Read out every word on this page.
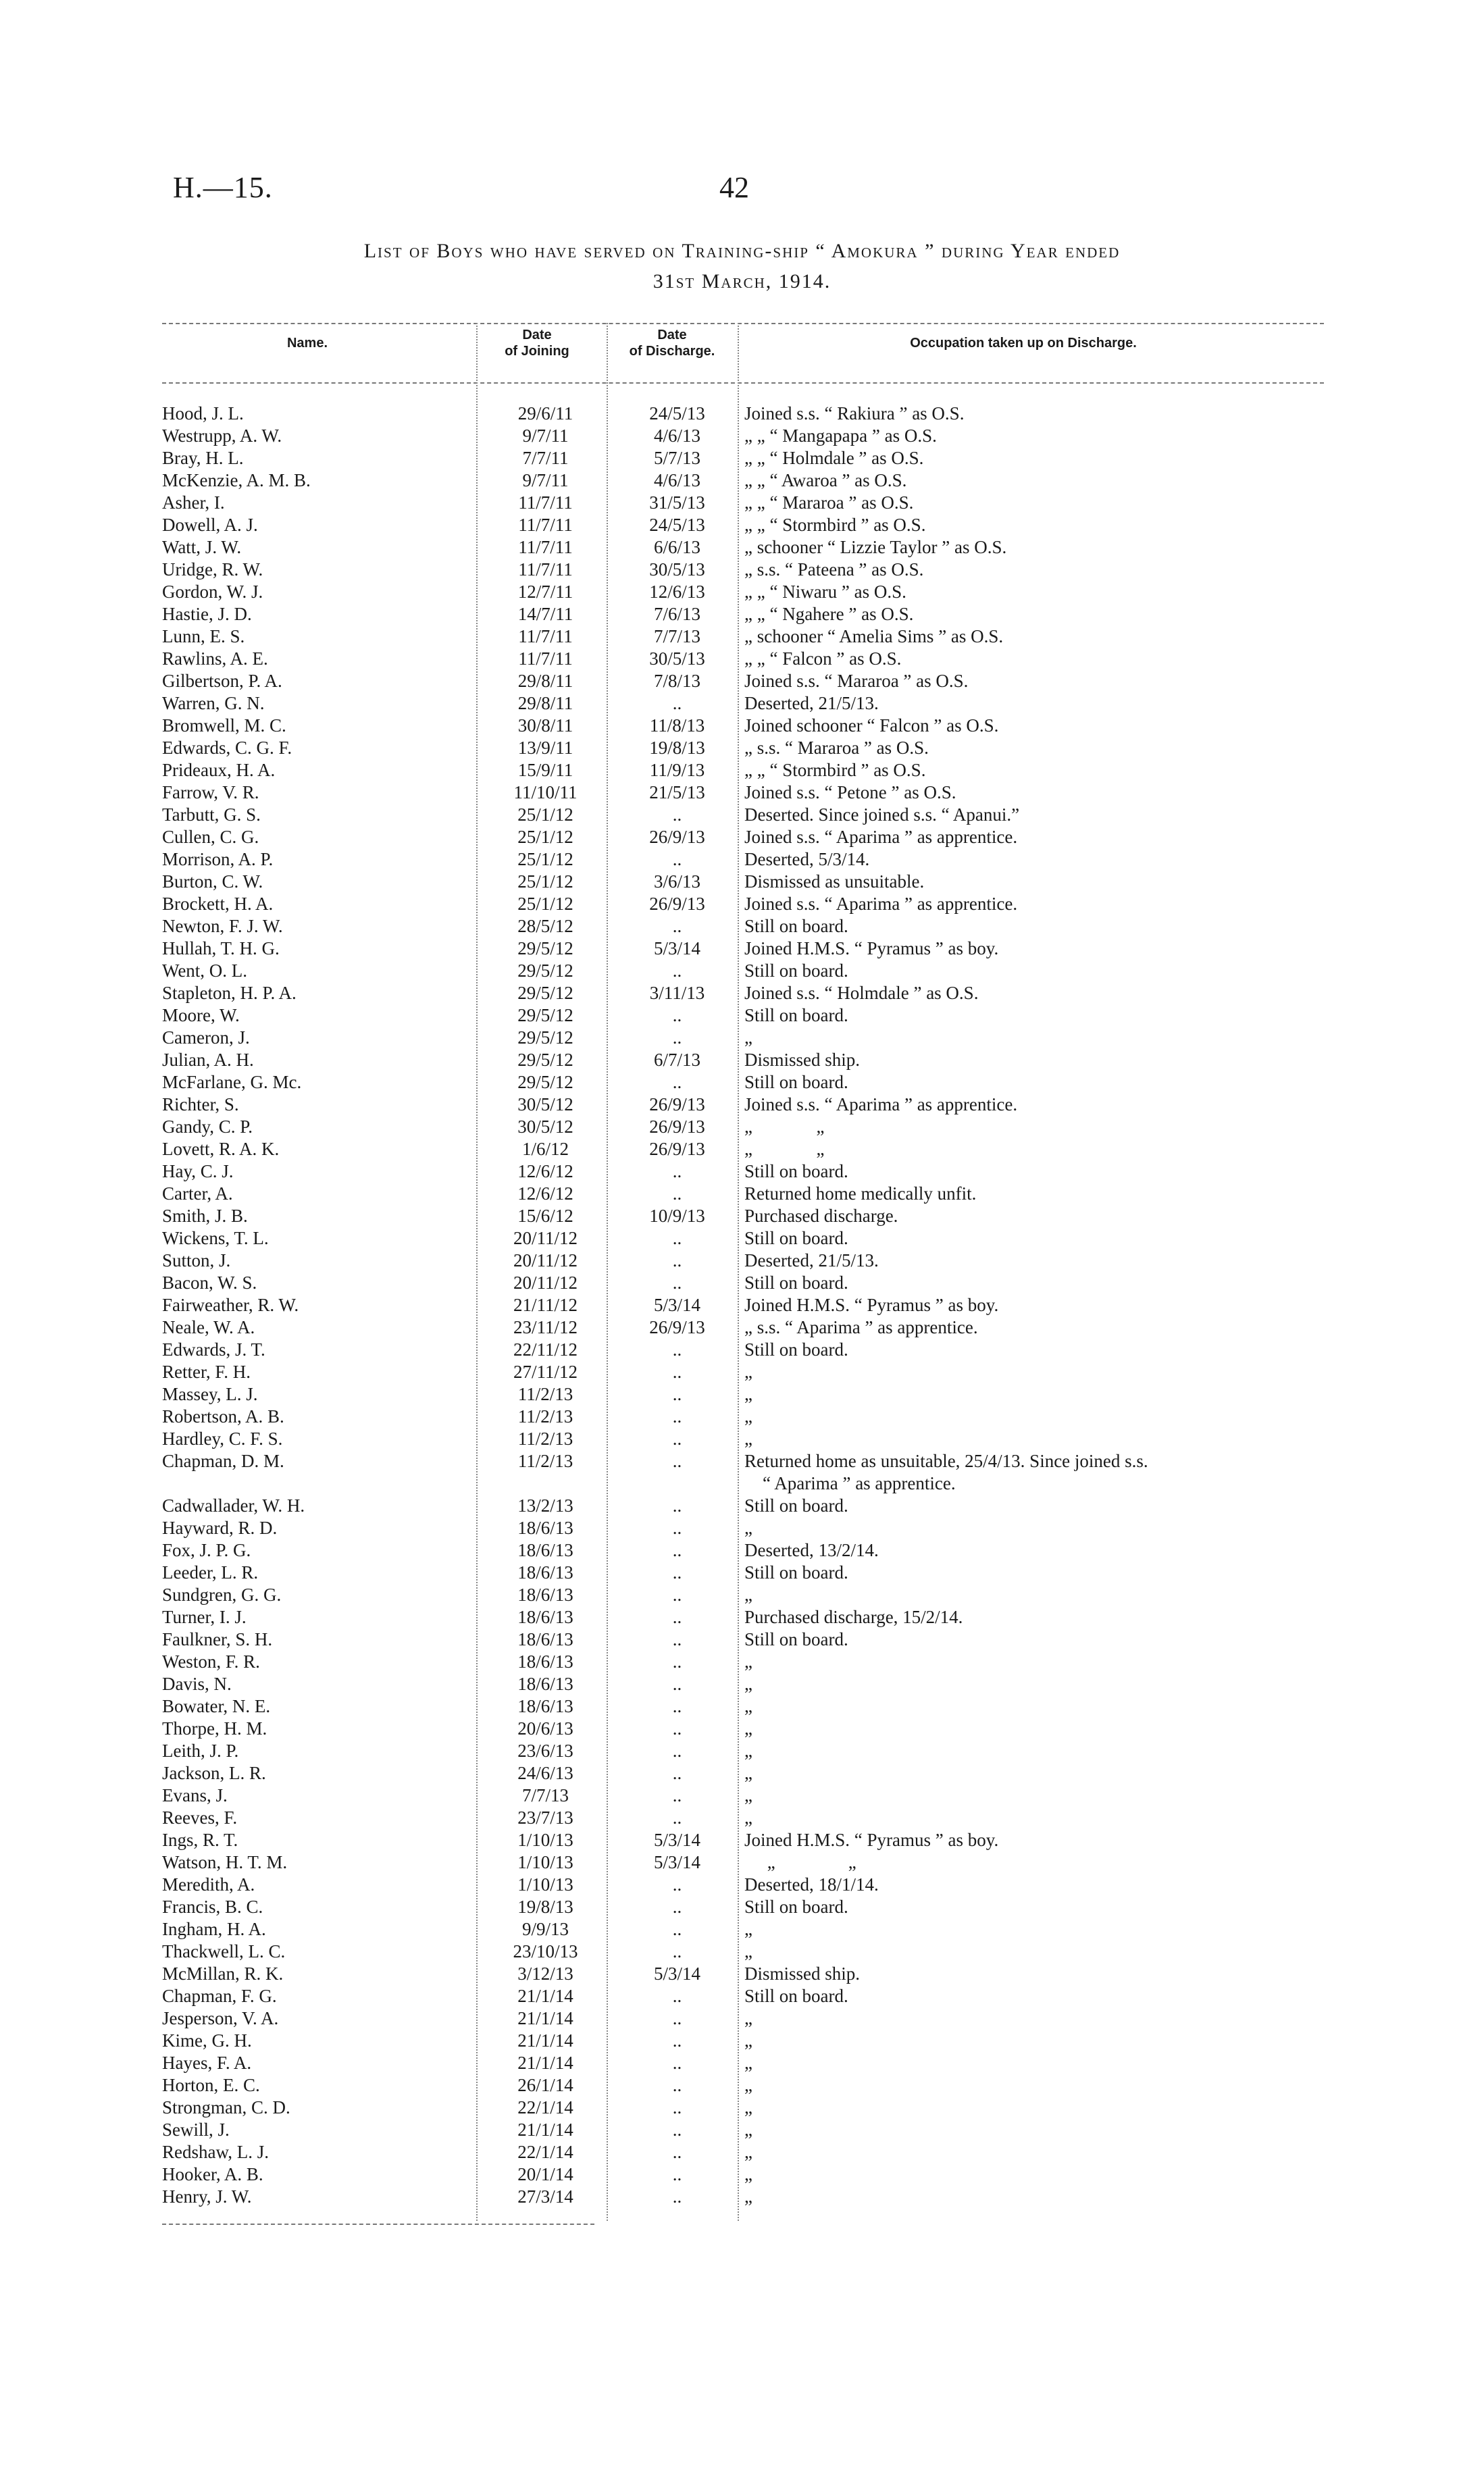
H.—15.	42
List of Boys who have served on Training-ship “ Amokura ” during Year ended
31st March, 1914.
Name.
Date
of Joining
Date
of Discharge.
Occupation taken up on Discharge.
Hood, J. L.	29/6/11	24/5/13	Joined s.s. “ Rakiura ” as O.S.
Westrupp, A. W.	9/7/11	4/6/13	„ „ “ Mangapapa ” as O.S.
Bray, H. L.	7/7/11	5/7/13	„ „ “ Holmdale ” as O.S.
McKenzie, A. M. B.	9/7/11	4/6/13	„ „ “ Awaroa ” as O.S.
Asher, I.	11/7/11	31/5/13	„ „ “ Mararoa ” as O.S.
Dowell, A. J.	11/7/11	24/5/13	„ „ “ Stormbird ” as O.S.
Watt, J. W.	11/7/11	6/6/13	„ schooner “ Lizzie Taylor ” as O.S.
Uridge, R. W.	11/7/11	30/5/13	„ s.s. “ Pateena ” as O.S.
Gordon, W. J.	12/7/11	12/6/13	„ „ “ Niwaru ” as O.S.
Hastie, J. D.	14/7/11	7/6/13	„ „ “ Ngahere ” as O.S.
Lunn, E. S.	11/7/11	7/7/13	„ schooner “ Amelia Sims ” as O.S.
Rawlins, A. E.	11/7/11	30/5/13	„ „ “ Falcon ” as O.S.
Gilbertson, P. A.	29/8/11	7/8/13	Joined s.s. “ Mararoa ” as O.S.
Warren, G. N.	29/8/11	..	Deserted, 21/5/13.
Bromwell, M. C.	30/8/11	11/8/13	Joined schooner “ Falcon ” as O.S.
Edwards, C. G. F.	13/9/11	19/8/13	„ s.s. “ Mararoa ” as O.S.
Prideaux, H. A.	15/9/11	11/9/13	„ „ “ Stormbird ” as O.S.
Farrow, V. R.	11/10/11	21/5/13	Joined s.s. “ Petone ” as O.S.
Tarbutt, G. S.	25/1/12	..	Deserted. Since joined s.s. “ Apanui.”
Cullen, C. G.	25/1/12	26/9/13	Joined s.s. “ Aparima ” as apprentice.
Morrison, A. P.	25/1/12	..	Deserted, 5/3/14.
Burton, C. W.	25/1/12	3/6/13	Dismissed as unsuitable.
Brockett, H. A.	25/1/12	26/9/13	Joined s.s. “ Aparima ” as apprentice.
Newton, F. J. W.	28/5/12	..	Still on board.
Hullah, T. H. G.	29/5/12	5/3/14	Joined H.M.S. “ Pyramus ” as boy.
Went, O. L.	29/5/12	..	Still on board.
Stapleton, H. P. A.	29/5/12	3/11/13	Joined s.s. “ Holmdale ” as O.S.
Moore, W.	29/5/12	..	Still on board.
Cameron, J.	29/5/12	..	„
Julian, A. H.	29/5/12	6/7/13	Dismissed ship.
McFarlane, G. Mc.	29/5/12	..	Still on board.
Richter, S.	30/5/12	26/9/13	Joined s.s. “ Aparima ” as apprentice.
Gandy, C. P.	30/5/12	26/9/13	„              „
Lovett, R. A. K.	1/6/12	26/9/13	„              „
Hay, C. J.	12/6/12	..	Still on board.
Carter, A.	12/6/12	..	Returned home medically unfit.
Smith, J. B.	15/6/12	10/9/13	Purchased discharge.
Wickens, T. L.	20/11/12	..	Still on board.
Sutton, J.	20/11/12	..	Deserted, 21/5/13.
Bacon, W. S.	20/11/12	..	Still on board.
Fairweather, R. W.	21/11/12	5/3/14	Joined H.M.S. “ Pyramus ” as boy.
Neale, W. A.	23/11/12	26/9/13	„ s.s. “ Aparima ” as apprentice.
Edwards, J. T.	22/11/12	..	Still on board.
Retter, F. H.	27/11/12	..	„
Massey, L. J.	11/2/13	..	„
Robertson, A. B.	11/2/13	..	„
Hardley, C. F. S.	11/2/13	..	„
Chapman, D. M.	11/2/13	..	Returned home as unsuitable, 25/4/13. Since joined s.s.
“ Aparima ” as apprentice.
Cadwallader, W. H.	13/2/13	..	Still on board.
Hayward, R. D.	18/6/13	..	„
Fox, J. P. G.	18/6/13	..	Deserted, 13/2/14.
Leeder, L. R.	18/6/13	..	Still on board.
Sundgren, G. G.	18/6/13	..	„
Turner, I. J.	18/6/13	..	Purchased discharge, 15/2/14.
Faulkner, S. H.	18/6/13	..	Still on board.
Weston, F. R.	18/6/13	..	„
Davis, N.	18/6/13	..	„
Bowater, N. E.	18/6/13	..	„
Thorpe, H. M.	20/6/13	..	„
Leith, J. P.	23/6/13	..	„
Jackson, L. R.	24/6/13	..	„
Evans, J.	7/7/13	..	„
Reeves, F.	23/7/13	..	„
Ings, R. T.	1/10/13	5/3/14	Joined H.M.S. “ Pyramus ” as boy.
Watson, H. T. M.	1/10/13	5/3/14	„                „
Meredith, A.	1/10/13	..	Deserted, 18/1/14.
Francis, B. C.	19/8/13	..	Still on board.
Ingham, H. A.	9/9/13	..	„
Thackwell, L. C.	23/10/13	..	„
McMillan, R. K.	3/12/13	5/3/14	Dismissed ship.
Chapman, F. G.	21/1/14	..	Still on board.
Jesperson, V. A.	21/1/14	..	„
Kime, G. H.	21/1/14	..	„
Hayes, F. A.	21/1/14	..	„
Horton, E. C.	26/1/14	..	„
Strongman, C. D.	22/1/14	..	„
Sewill, J.	21/1/14	..	„
Redshaw, L. J.	22/1/14	..	„
Hooker, A. B.	20/1/14	..	„
Henry, J. W.	27/3/14	..	„
